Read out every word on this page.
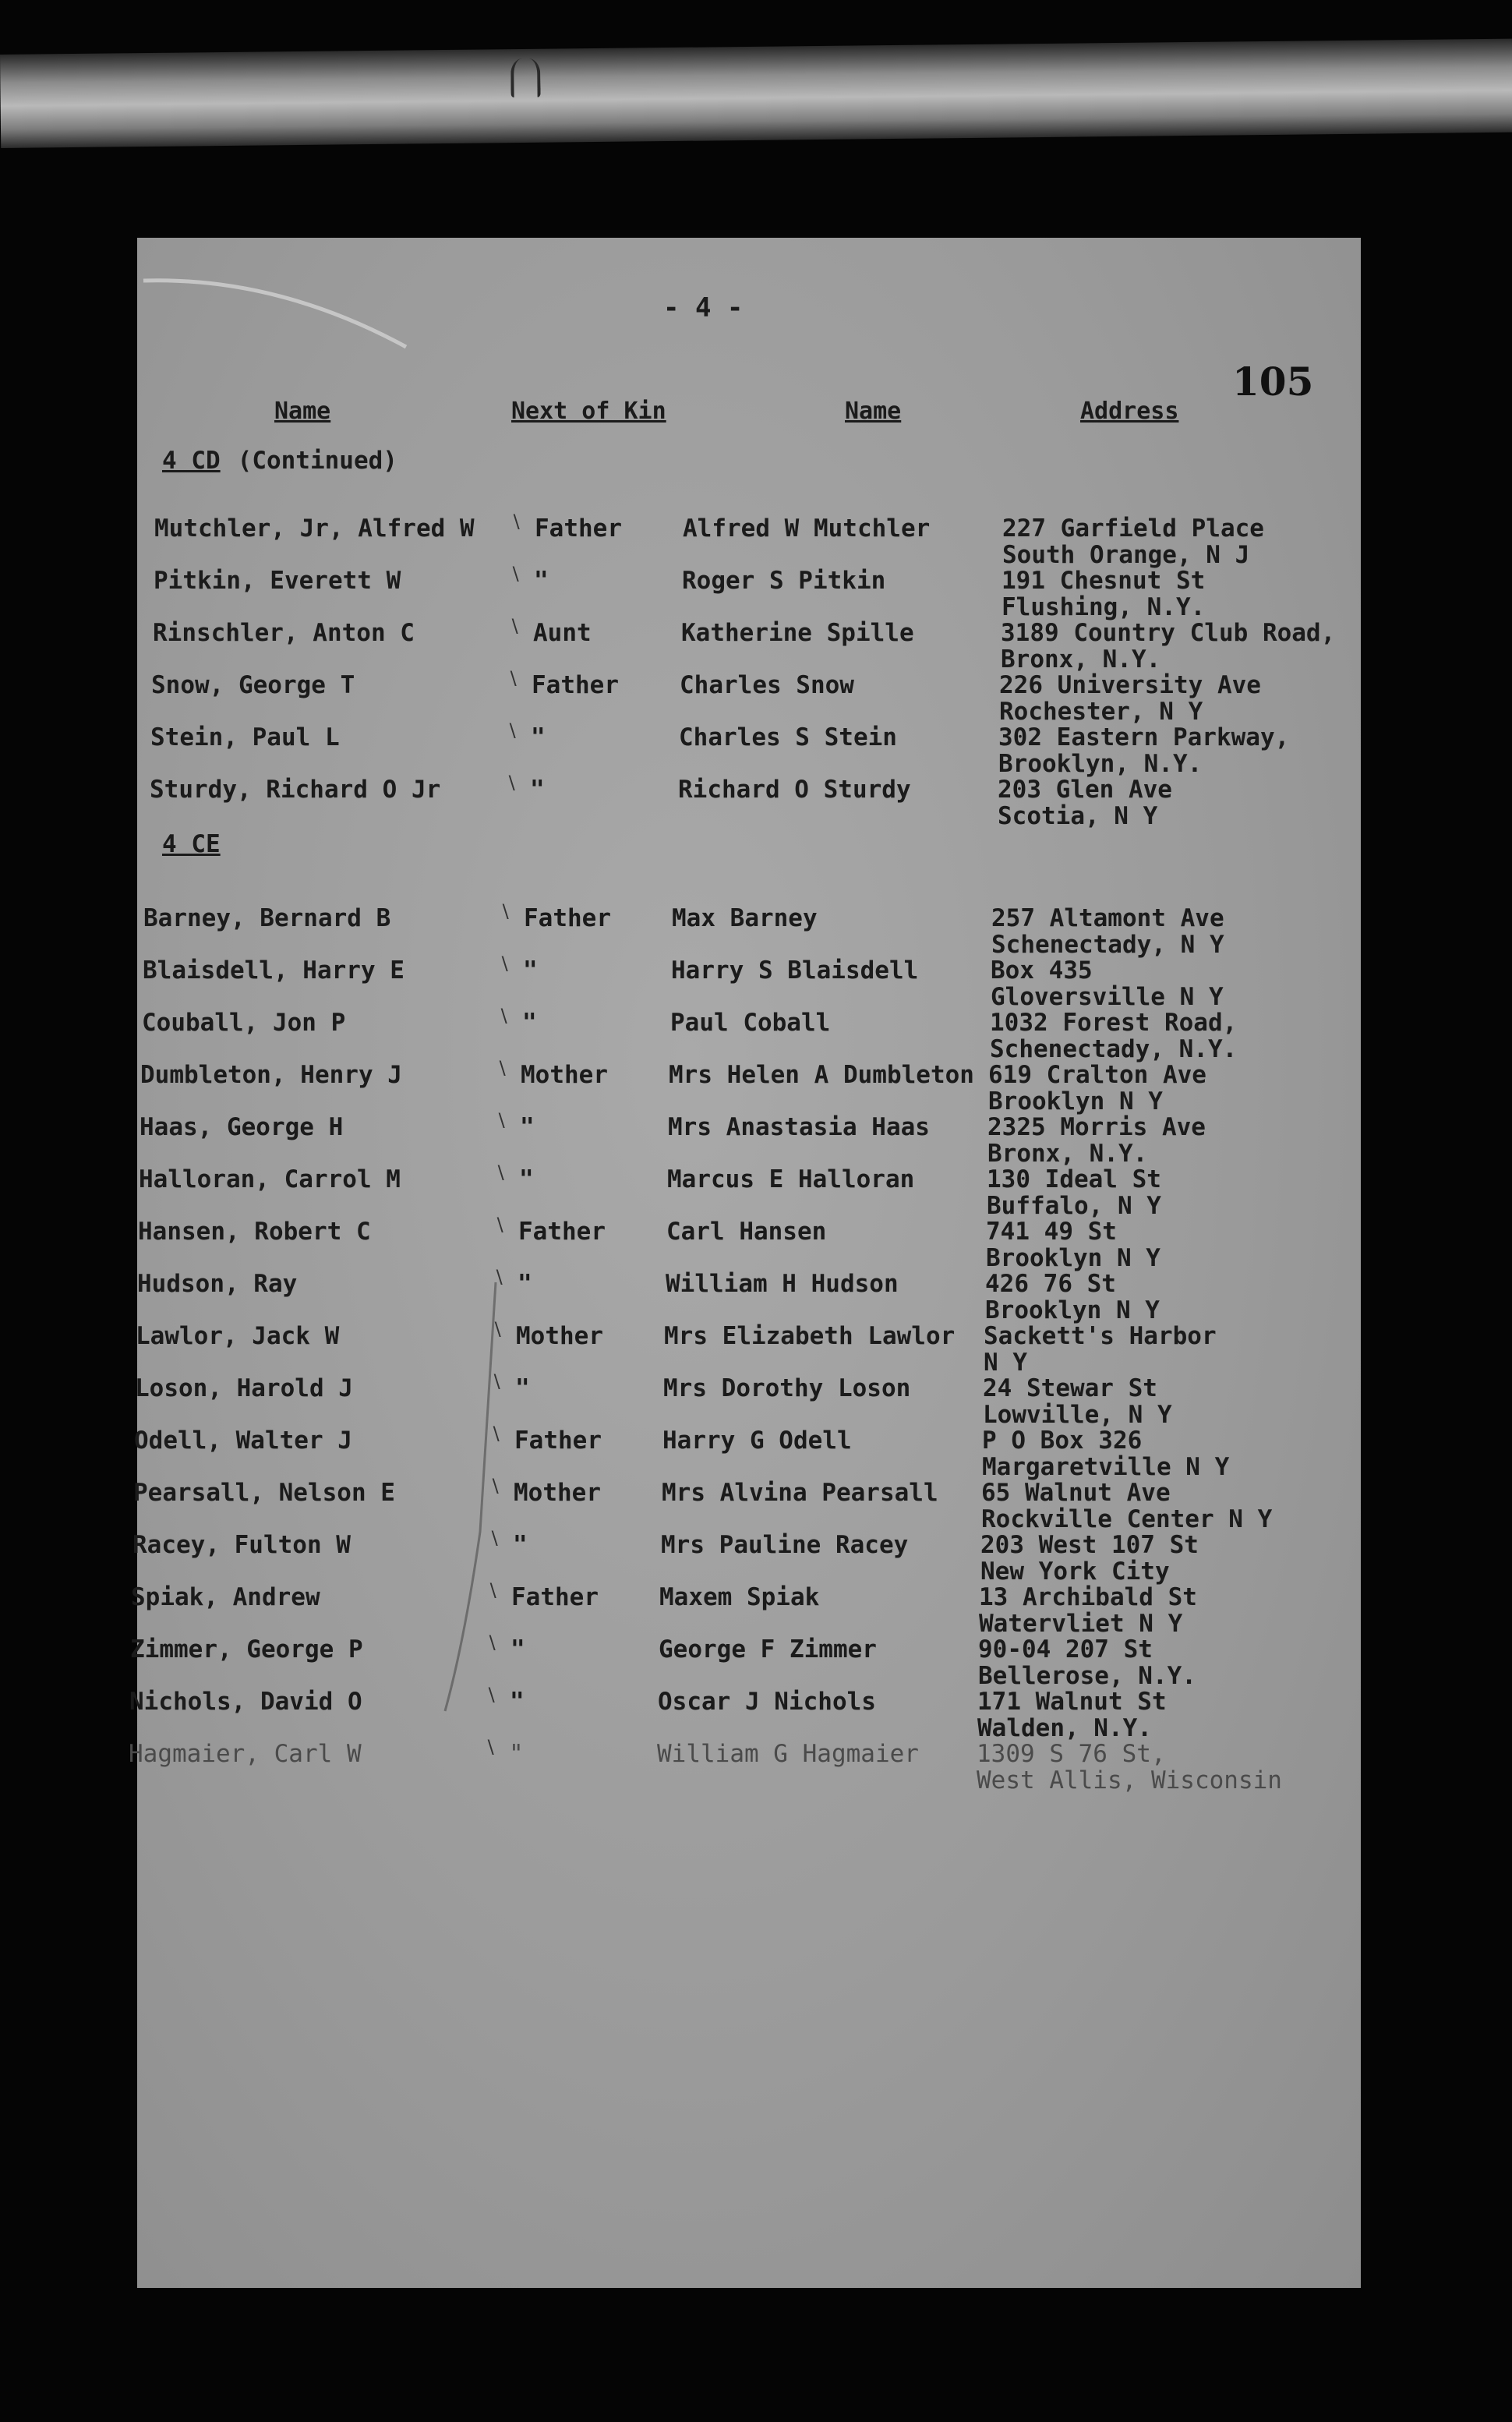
- 4 -
105
Name	Next of Kin	Name	Address
4 CD (Continued)
Mutchler, Jr, Alfred W ∖ Father	Alfred W Mutchler	227 Garfield Place
South Orange, N J
Pitkin, Everett W	∖ "	Roger S Pitkin	191 Chesnut St
Flushing, N.Y.
Rinschler, Anton C	∖ Aunt	Katherine Spille	3189 Country Club Road,
Bronx, N.Y.
Snow, George T	∖ Father	Charles Snow	226 University Ave
Rochester, N Y
Stein, Paul L	∖ "	Charles S Stein	302 Eastern Parkway,
Brooklyn, N.Y.
Sturdy, Richard O Jr	∖ "	Richard O Sturdy	203 Glen Ave
Scotia, N Y
4 CE
Barney, Bernard B	∖ Father	Max Barney	257 Altamont Ave
Schenectady, N Y
Blaisdell, Harry E	∖ "	Harry S Blaisdell	Box 435
Gloversville N Y
Couball, Jon P	∖ "	Paul Coball	1032 Forest Road,
Schenectady, N.Y.
Dumbleton, Henry J	∖ Mother	Mrs Helen A Dumbleton 619 Cralton Ave
Brooklyn N Y
Haas, George H	∖ "	Mrs Anastasia Haas 2325 Morris Ave
Bronx, N.Y.
Halloran, Carrol M	∖ "	Marcus E Halloran	130 Ideal St
Buffalo, N Y
Hansen, Robert C	∖ Father	Carl Hansen	741 49 St
Brooklyn N Y
Hudson, Ray	∖ "	William H Hudson	426 76 St
Brooklyn N Y
Lawlor, Jack W	∖ Mother	Mrs Elizabeth Lawlor Sackett's Harbor
N Y
Loson, Harold J	∖ "	Mrs Dorothy Loson	24 Stewar St
Lowville, N Y
Odell, Walter J	∖ Father	Harry G Odell	P O Box 326
Margaretville N Y
Pearsall, Nelson E	∖ Mother	Mrs Alvina Pearsall 65 Walnut Ave
Rockville Center N Y
Racey, Fulton W	∖ "	Mrs Pauline Racey	203 West 107 St
New York City
Spiak, Andrew	∖ Father	Maxem Spiak	13 Archibald St
Watervliet N Y
Zimmer, George P	∖ "	George F Zimmer	90-04 207 St
Bellerose, N.Y.
Nichols, David O	∖ "	Oscar J Nichols	171 Walnut St
Walden, N.Y.
Hagmaier, Carl W	∖ "	William G Hagmaier 1309 S 76 St,
West Allis, Wisconsin
